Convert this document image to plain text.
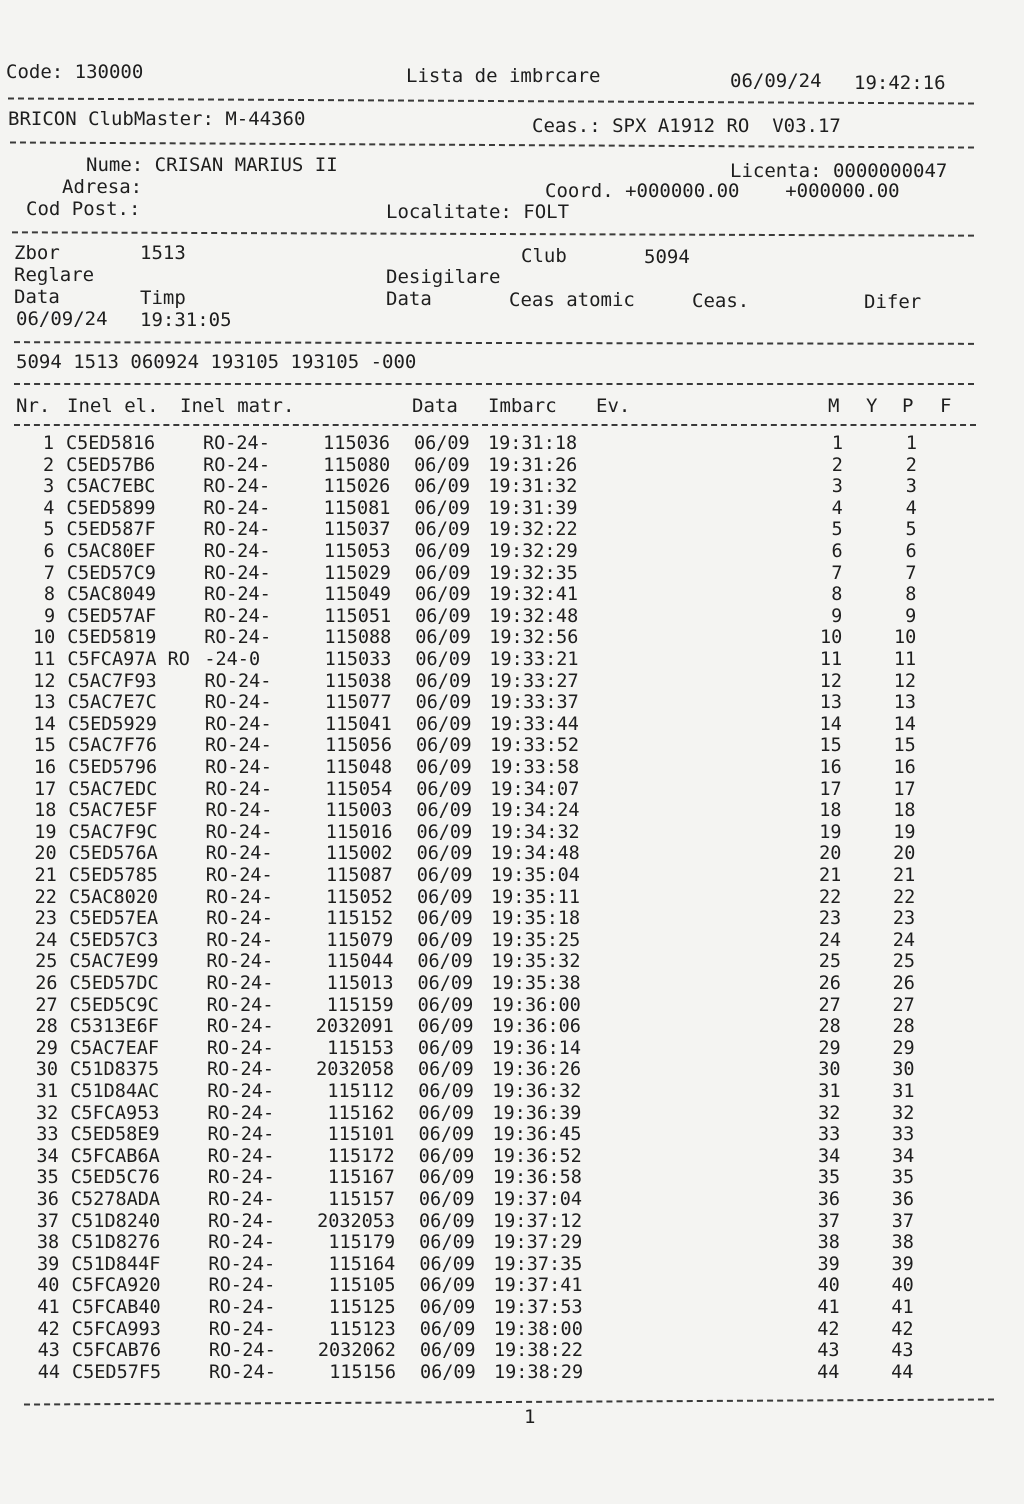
Code: 130000	Lista de imbrcare	06/09/24 19:42:16
BRICON ClubMaster: M-44360	Ceas.: SPX A1912 RO  V03.17
Nume: CRISAN MARIUS II	Licenta: 0000000047
Adresa:	Coord. +000000.00    +000000.00
Cod Post.:	Localitate: FOLT
Zbor	1513	Club	5094
Reglare	Desigilare
Data	Timp	Data	Ceas atomic	Ceas.	Difer
06/09/24 19:31:05
5094 1513 060924 193105 193105 -000
Nr. Inel el. Inel matr.	Data Imbarc Ev.	M Y P F
1 C5ED5816	RO-24-	115036 06/09 19:31:18	1	1
2 C5ED57B6	RO-24-	115080 06/09 19:31:26	2	2
3 C5AC7EBC	RO-24-	115026 06/09 19:31:32	3	3
4 C5ED5899	RO-24-	115081 06/09 19:31:39	4	4
5 C5ED587F	RO-24-	115037 06/09 19:32:22	5	5
6 C5AC80EF	RO-24-	115053 06/09 19:32:29	6	6
7 C5ED57C9	RO-24-	115029 06/09 19:32:35	7	7
8 C5AC8049	RO-24-	115049 06/09 19:32:41	8	8
9 C5ED57AF	RO-24-	115051 06/09 19:32:48	9	9
10 C5ED5819	RO-24-	115088 06/09 19:32:56	10	10
11 C5FCA97A RO -24-0	115033 06/09 19:33:21	11	11
12 C5AC7F93	RO-24-	115038 06/09 19:33:27	12	12
13 C5AC7E7C	RO-24-	115077 06/09 19:33:37	13	13
14 C5ED5929	RO-24-	115041 06/09 19:33:44	14	14
15 C5AC7F76	RO-24-	115056 06/09 19:33:52	15	15
16 C5ED5796	RO-24-	115048 06/09 19:33:58	16	16
17 C5AC7EDC	RO-24-	115054 06/09 19:34:07	17	17
18 C5AC7E5F	RO-24-	115003 06/09 19:34:24	18	18
19 C5AC7F9C	RO-24-	115016 06/09 19:34:32	19	19
20 C5ED576A	RO-24-	115002 06/09 19:34:48	20	20
21 C5ED5785	RO-24-	115087 06/09 19:35:04	21	21
22 C5AC8020	RO-24-	115052 06/09 19:35:11	22	22
23 C5ED57EA	RO-24-	115152 06/09 19:35:18	23	23
24 C5ED57C3	RO-24-	115079 06/09 19:35:25	24	24
25 C5AC7E99	RO-24-	115044 06/09 19:35:32	25	25
26 C5ED57DC	RO-24-	115013 06/09 19:35:38	26	26
27 C5ED5C9C	RO-24-	115159 06/09 19:36:00	27	27
28 C5313E6F	RO-24-	2032091 06/09 19:36:06	28	28
29 C5AC7EAF	RO-24-	115153 06/09 19:36:14	29	29
30 C51D8375	RO-24-	2032058 06/09 19:36:26	30	30
31 C51D84AC	RO-24-	115112 06/09 19:36:32	31	31
32 C5FCA953	RO-24-	115162 06/09 19:36:39	32	32
33 C5ED58E9	RO-24-	115101 06/09 19:36:45	33	33
34 C5FCAB6A	RO-24-	115172 06/09 19:36:52	34	34
35 C5ED5C76	RO-24-	115167 06/09 19:36:58	35	35
36 C5278ADA	RO-24-	115157 06/09 19:37:04	36	36
37 C51D8240	RO-24-	2032053 06/09 19:37:12	37	37
38 C51D8276	RO-24-	115179 06/09 19:37:29	38	38
39 C51D844F	RO-24-	115164 06/09 19:37:35	39	39
40 C5FCA920	RO-24-	115105 06/09 19:37:41	40	40
41 C5FCAB40	RO-24-	115125 06/09 19:37:53	41	41
42 C5FCA993	RO-24-	115123 06/09 19:38:00	42	42
43 C5FCAB76	RO-24-	2032062 06/09 19:38:22	43	43
44 C5ED57F5	RO-24-	115156 06/09 19:38:29	44	44
1
